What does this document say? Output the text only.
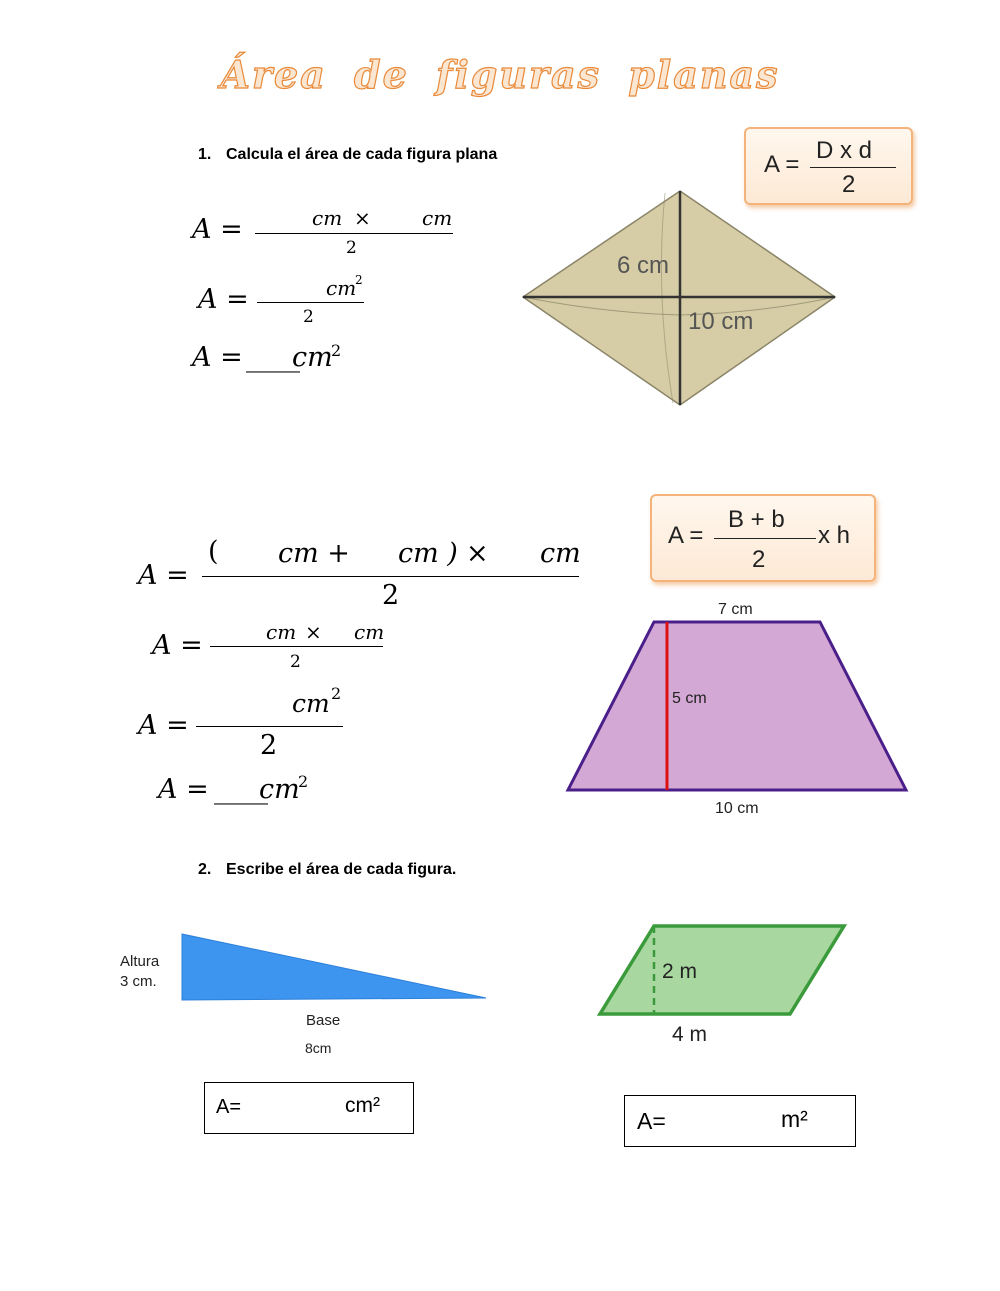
Área de figuras planas
1. Calcula el área de cada figura plana	A =
D x d
2
A =	cm ×	cm
2
A =	cm
2
2
A = ____
cm
2
6 cm
10 cm
A =
B + b
2
x h
A =
( cm + cm ) × cm
2
A =	cm × cm
2
A =
cm 2
2
A = ____
cm
2
7 cm
5 cm
10 cm
2. Escribe el área de cada figura.
Altura
3 cm.
Base
8cm
A=	cm²
2 m
4 m
A=	m²
